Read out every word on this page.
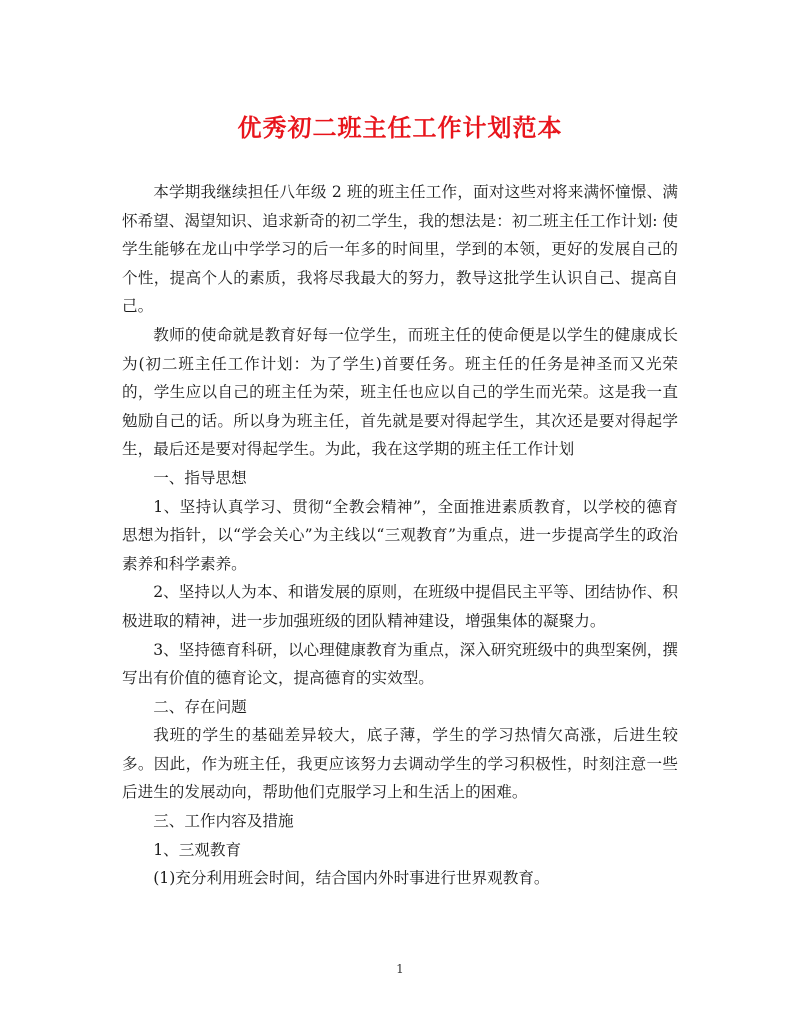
优秀初二班主任工作计划范本

本学期我继续担任八年级 2 班的班主任工作，面对这些对将来满怀憧憬、满怀希望、渴望知识、追求新奇的初二学生，我的想法是：初二班主任工作计划: 使学生能够在龙山中学学习的后一年多的时间里，学到的本领，更好的发展自己的个性，提高个人的素质，我将尽我最大的努力，教导这批学生认识自己、提高自己。

教师的使命就是教育好每一位学生，而班主任的使命便是以学生的健康成长为(初二班主任工作计划：为了学生)首要任务。班主任的任务是神圣而又光荣的，学生应以自己的班主任为荣，班主任也应以自己的学生而光荣。这是我一直勉励自己的话。所以身为班主任，首先就是要对得起学生，其次还是要对得起学生，最后还是要对得起学生。为此，我在这学期的班主任工作计划

一、指导思想

1、坚持认真学习、贯彻“全教会精神”，全面推进素质教育，以学校的德育思想为指针，以“学会关心”为主线以“三观教育”为重点，进一步提高学生的政治素养和科学素养。

2、坚持以人为本、和谐发展的原则，在班级中提倡民主平等、团结协作、积极进取的精神，进一步加强班级的团队精神建设，增强集体的凝聚力。

3、坚持德育科研，以心理健康教育为重点，深入研究班级中的典型案例，撰写出有价值的德育论文，提高德育的实效型。

二、存在问题

我班的学生的基础差异较大，底子薄，学生的学习热情欠高涨，后进生较多。因此，作为班主任，我更应该努力去调动学生的学习积极性，时刻注意一些后进生的发展动向，帮助他们克服学习上和生活上的困难。

三、工作内容及措施

1、三观教育

(1)充分利用班会时间，结合国内外时事进行世界观教育。

1
